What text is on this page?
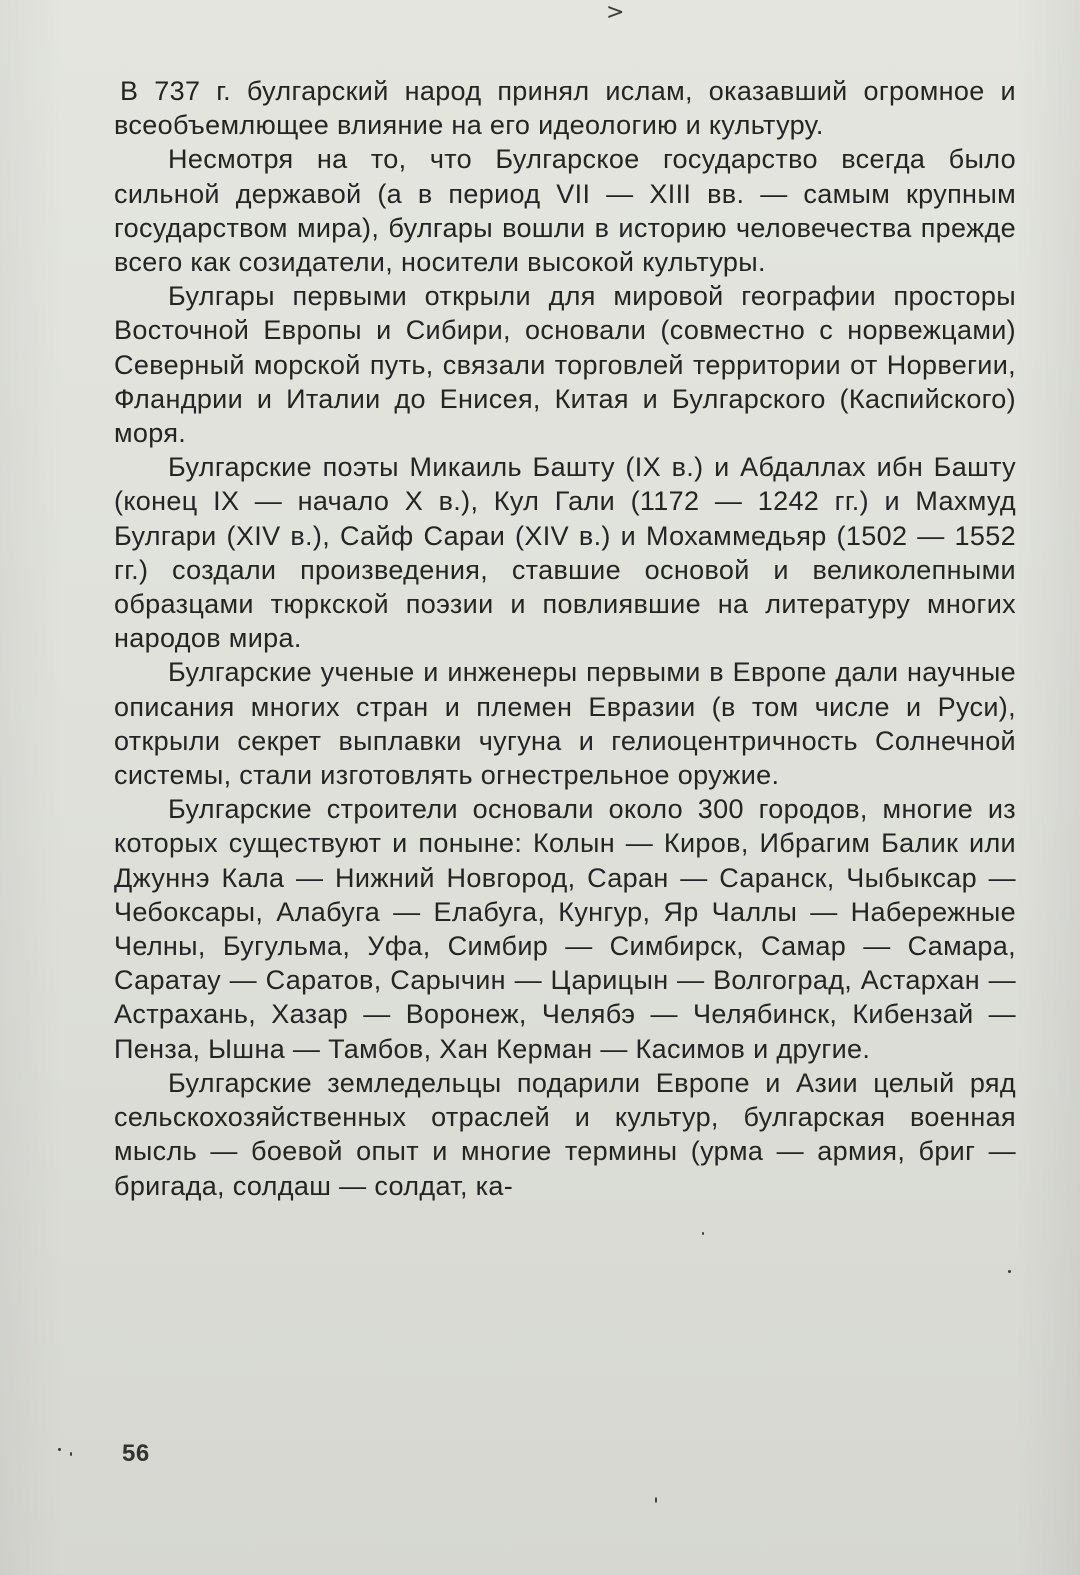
>

В 737 г. булгарский народ принял ислам, оказавший огромное и всеобъемлющее влияние на его идеологию и культуру.

Несмотря на то, что Булгарское государство всегда было сильной державой (а в период VII — XIII вв. — самым крупным государством мира), булгары вошли в историю человечества прежде всего как созидатели, носители высокой культуры.

Булгары первыми открыли для мировой географии просторы Восточной Европы и Сибири, основали (совместно с норвежцами) Северный морской путь, связали торговлей территории от Норвегии, Фландрии и Италии до Енисея, Китая и Булгарского (Каспийского) моря.

Булгарские поэты Микаиль Башту (IX в.) и Абдаллах ибн Башту (конец IX — начало X в.), Кул Гали (1172 — 1242 гг.) и Махмуд Булгари (XIV в.), Сайф Сараи (XIV в.) и Мохаммедьяр (1502 — 1552 гг.) создали произведения, ставшие основой и великолепными образцами тюркской поэзии и повлиявшие на литературу многих народов мира.

Булгарские ученые и инженеры первыми в Европе дали научные описания многих стран и племен Евразии (в том числе и Руси), открыли секрет выплавки чугуна и гелиоцентричность Солнечной системы, стали изготовлять огнестрельное оружие.

Булгарские строители основали около 300 городов, многие из которых существуют и поныне: Колын — Киров, Ибрагим Балик или Джуннэ Кала — Нижний Новгород, Саран — Саранск, Чыбыксар — Чебоксары, Алабуга — Елабуга, Кунгур, Яр Чаллы — Набережные Челны, Бугульма, Уфа, Симбир — Симбирск, Самар — Самара, Саратау — Саратов, Сарычин — Царицын — Волгоград, Астархан — Астрахань, Хазар — Воронеж, Челябэ — Челябинск, Кибензай — Пенза, Ышна — Тамбов, Хан Керман — Касимов и другие.

Булгарские земледельцы подарили Европе и Азии целый ряд сельскохозяйственных отраслей и культур, булгарская военная мысль — боевой опыт и многие термины (урма — армия, бриг — бригада, солдаш — солдат, ка-

56
